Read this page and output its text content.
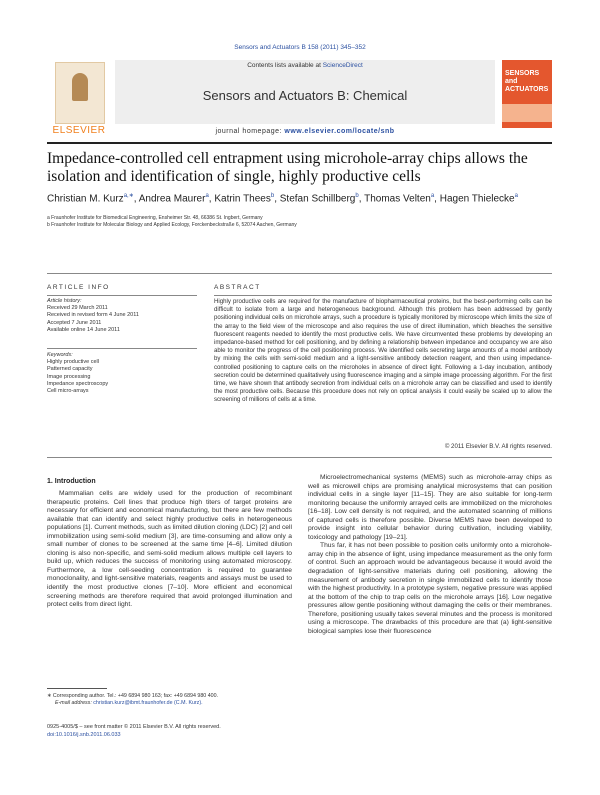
Sensors and Actuators B 158 (2011) 345–352
ELSEVIER
Contents lists available at ScienceDirect
Sensors and Actuators B: Chemical
journal homepage: www.elsevier.com/locate/snb
SENSORS and ACTUATORS
Impedance-controlled cell entrapment using microhole-array chips allows the isolation and identification of single, highly productive cells
Christian M. Kurz$^{a,∗}$, Andrea Maurer$^a$, Katrin Thees$^b$, Stefan Schillberg$^b$, Thomas Velten$^a$, Hagen Thielecke$^a$
a Fraunhofer Institute for Biomedical Engineering, Ensheimer Str. 48, 66386 St. Ingbert, Germany
b Fraunhofer Institute for Molecular Biology and Applied Ecology, Forckenbeckstraße 6, 52074 Aachen, Germany
ARTICLE INFO	ABSTRACT
Article history:
Received 29 March 2011
Received in revised form 4 June 2011
Accepted 7 June 2011
Available online 14 June 2011
Keywords:
Highly productive cell
Patterned capacity
Image processing
Impedance spectroscopy
Cell micro-arrays
Highly productive cells are required for the manufacture of biopharmaceutical proteins, but the best-performing cells can be difficult to isolate from a large and heterogeneous background. Although this problem has been addressed by gently positioning individual cells on microhole arrays, such a procedure is typically monitored by microscope which limits the size of the array to the field view of the microscope and also requires the use of direct illumination, which bleaches the sensitive fluorescent reagents needed to identify the most productive cells. We have circumvented these problems by developing an impedance-based method for cell positioning, and by defining a relationship between impedance and occupancy we are also able to monitor the progress of the cell positioning process. We identified cells secreting large amounts of a model antibody by mixing the cells with semi-solid medium and a light-sensitive antibody detection reagent, and then using impedance-controlled positioning to capture cells on the microholes in absence of direct light. Following a 1-day incubation, antibody secretion could be determined qualitatively using fluorescence imaging and a simple image processing algorithm. For the first time, we have shown that antibody secretion from individual cells on a microhole array can be classified and used to identify the most productive cells. Because this procedure does not rely on optical analysis it could easily be scaled up to allow the screening of millions of cells at a time.
© 2011 Elsevier B.V. All rights reserved.
1. Introduction

Mammalian cells are widely used for the production of recombinant therapeutic proteins. Cell lines that produce high titers of target proteins are necessary for efficient and economical manufacturing, but there are few methods available that can identify and select highly productive cells in heterogeneous populations [1]. Current methods, such as limited dilution cloning (LDC) [2] and cell immobilization using semi-solid medium [3], are time-consuming and allow only a small number of clones to be screened at the same time [4–6]. Limited dilution cloning is also non-specific, and semi-solid medium allows multiple cell layers to build up, which reduces the success of monitoring using automated microscopy. Furthermore, a low cell-seeding concentration is required to guarantee monoclonality, and light-sensitive materials, reagents and assays must be used to identify the most productive clones [7–10]. More efficient and economical screening methods are therefore required that avoid prolonged illumination and protect cells from direct light.

Microelectromechanical systems (MEMS) such as microhole-array chips as well as microwell chips are promising analytical microsystems that can position individual cells in a single layer [11–15]. They are also suitable for long-term monitoring because the uniformly arrayed cells are immobilized on the microholes [16–18]. Low cell density is not required, and the automated scanning of millions of captured cells is therefore possible. Diverse MEMS have been developed to provide insight into cellular behavior during cultivation, including viability, toxicology and pathology [19–21].

Thus far, it has not been possible to position cells uniformly onto a microhole-array chip in the absence of light, using impedance measurement as the only form of control. Such an approach would be advantageous because it would avoid the degradation of light-sensitive materials during cell positioning, allowing the measurement of antibody secretion in single immobilized cells to identify those with the highest productivity. In a prototype system, negative pressure was applied at the bottom of the chip to trap cells on the microhole arrays [16]. Low negative pressures allow gentle positioning without damaging the cells or their membranes. Therefore, positioning usually takes several minutes and the process is monitored using a microscope. The drawbacks of this procedure are that (a) light-sensitive biological samples lose their fluorescence

∗ Corresponding author. Tel.: +49 6894 980 163; fax: +49 6894 980 400.
E-mail address: christian.kurz@ibmt.fraunhofer.de (C.M. Kurz).
0925-4005/$ – see front matter © 2011 Elsevier B.V. All rights reserved.
doi:10.1016/j.snb.2011.06.033
